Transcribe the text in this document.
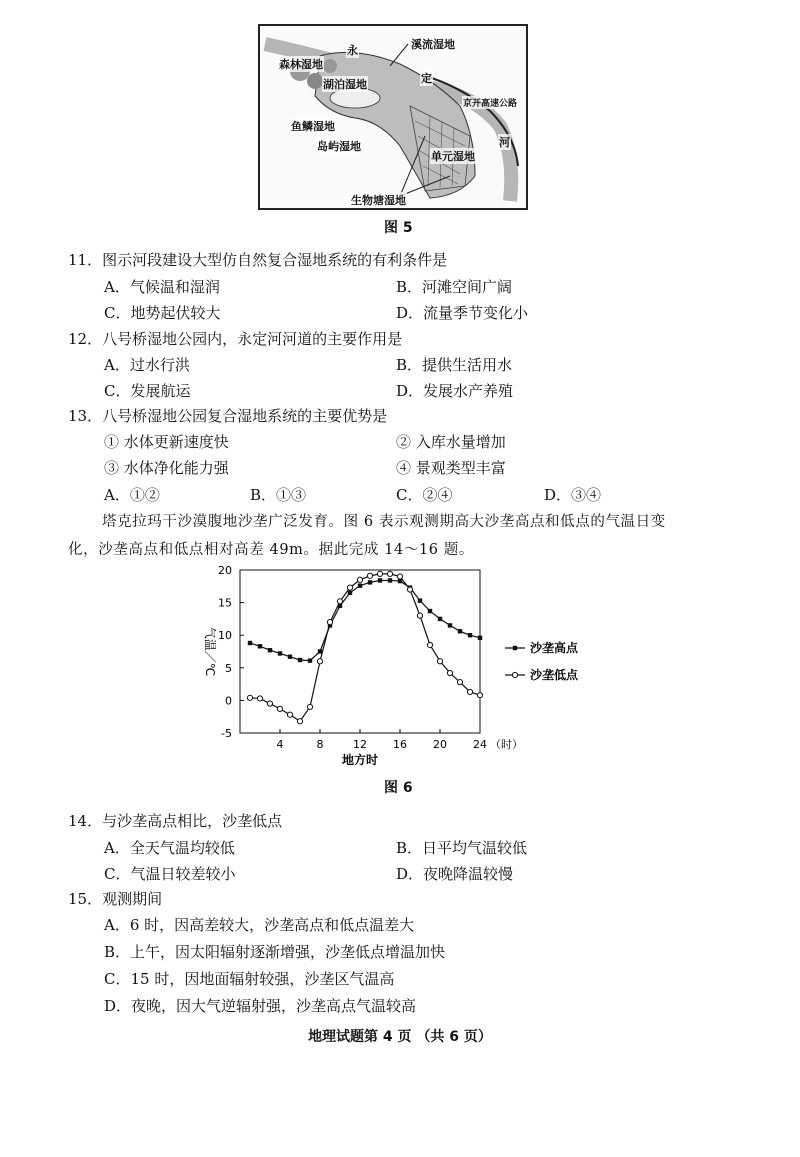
溪流湿地
森林湿地
湖泊湿地
鱼鳞湿地
岛屿湿地
单元湿地
生物塘湿地
永
定
河
京开高速公路
图 5
11．图示河段建设大型仿自然复合湿地系统的有利条件是
A．气候温和湿润	B．河滩空间广阔
C．地势起伏较大	D．流量季节变化小
12．八号桥湿地公园内，永定河河道的主要作用是
A．过水行洪	B．提供生活用水
C．发展航运	D．发展水产养殖
13．八号桥湿地公园复合湿地系统的主要优势是
① 水体更新速度快	② 入库水量增加
③ 水体净化能力强	④ 景观类型丰富
A．①②	B．①③	C．②④	D．③④
塔克拉玛干沙漠腹地沙垄广泛发育。图 6 表示观测期高大沙垄高点和低点的气温日变
化，沙垄高点和低点相对高差 49m。据此完成 14～16 题。
-5
0
5
10
15
20
4	8	12 16 20 24 （时）
地方时
气温／℃	沙垄高点
沙垄低点
图 6
14．与沙垄高点相比，沙垄低点
A．全天气温均较低	B．日平均气温较低
C．气温日较差较小	D．夜晚降温较慢
15．观测期间
A．6 时，因高差较大，沙垄高点和低点温差大
B．上午，因太阳辐射逐渐增强，沙垄低点增温加快
C．15 时，因地面辐射较强，沙垄区气温高
D．夜晚，因大气逆辐射强，沙垄高点气温较高
地理试题第 4 页 （共 6 页）
